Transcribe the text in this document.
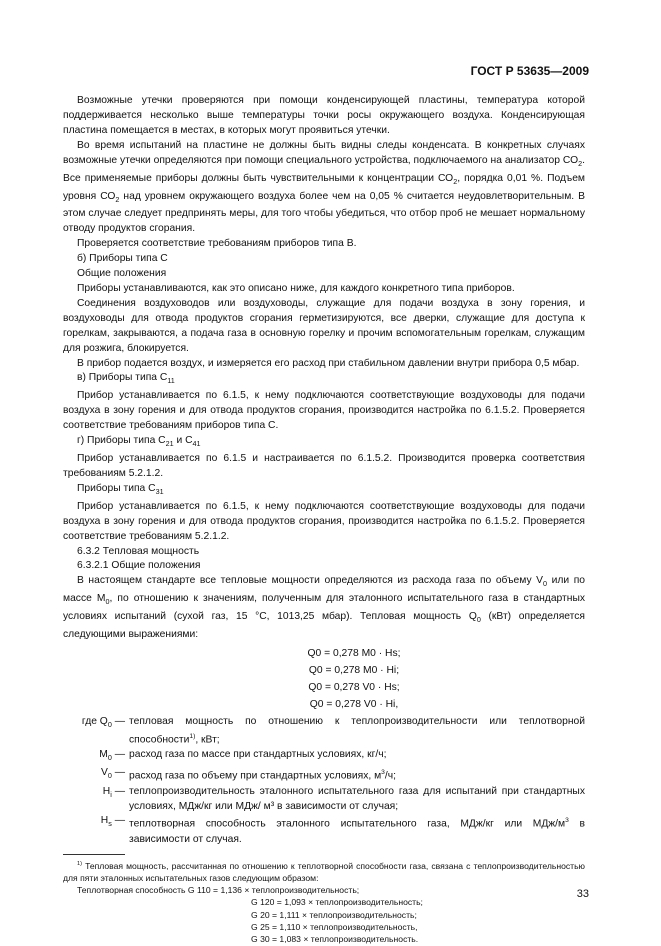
ГОСТ Р 53635—2009

Возможные утечки проверяются при помощи конденсирующей пластины, температура которой поддерживается несколько выше температуры точки росы окружающего воздуха. Конденсирующая пластина помещается в местах, в которых могут проявиться утечки.

Во время испытаний на пластине не должны быть видны следы конденсата. В конкретных случаях возможные утечки определяются при помощи специального устройства, подключаемого на анализатор $СО_2$. Все применяемые приборы должны быть чувствительными к концентрации $СО_2$, порядка 0,01 %. Подъем уровня $СО_2$ над уровнем окружающего воздуха более чем на 0,05 % считается неудовлетворительным. В этом случае следует предпринять меры, для того чтобы убедиться, что отбор проб не мешает нормальному отводу продуктов сгорания.

Проверяется соответствие требованиям приборов типа В.

б) Приборы типа С

Общие положения

Приборы устанавливаются, как это описано ниже, для каждого конкретного типа приборов.

Соединения воздуховодов или воздуховоды, служащие для подачи воздуха в зону горения, и воздуховоды для отвода продуктов сгорания герметизируются, все дверки, служащие для доступа к горелкам, закрываются, а подача газа в основную горелку и прочим вспомогательным горелкам, служащим для розжига, блокируется.

В прибор подается воздух, и измеряется его расход при стабильном давлении внутри прибора 0,5 мбар.

в) Приборы типа $С_{11}$

Прибор устанавливается по 6.1.5, к нему подключаются соответствующие воздуховоды для подачи воздуха в зону горения и для отвода продуктов сгорания, производится настройка по 6.1.5.2. Проверяется соответствие требованиям приборов типа С.

г) Приборы типа $С_{21}$ и $С_{41}$

Прибор устанавливается по 6.1.5 и настраивается по 6.1.5.2. Производится проверка соответствия требованиям 5.2.1.2.

Приборы типа $С_{31}$

Прибор устанавливается по 6.1.5, к нему подключаются соответствующие воздуховоды для подачи воздуха в зону горения и для отвода продуктов сгорания, производится настройка по 6.1.5.2. Проверяется соответствие требованиям 5.2.1.2.

6.3.2 Тепловая мощность

6.3.2.1 Общие положения

В настоящем стандарте все тепловые мощности определяются из расхода газа по объему $V_0$ или по массе $М_0$, по отношению к значениям, полученным для эталонного испытательного газа в стандартных условиях испытаний (сухой газ, 15 °С, 1013,25 мбар). Тепловая мощность $Q_0$ (кВт) определяется следующими выражениями:

Q0 = 0,278 M0 · Hs;
Q0 = 0,278 M0 · Hi;
Q0 = 0,278 V0 · Hs;
Q0 = 0,278 V0 · Hi,
где $Q_0$ — тепловая мощность по отношению к теплопроизводительности или теплотворной способности$^{1)}$, кВт;
$M_0$ — расход газа по массе при стандартных условиях, кг/ч;
$V_0$ — расход газа по объему при стандартных условиях, $м^3/ч$;
$H_i$ — теплопроизводительность эталонного испытательного газа для испытаний при стандартных условиях, МДж/кг или МДж/ м³ в зависимости от случая;
$H_s$ — теплотворная способность эталонного испытательного газа, МДж/кг или МДж/$м^3$ в зависимости от случая.

$^{1)}$ Тепловая мощность, рассчитанная по отношению к теплотворной способности газа, связана с теплопроизводительностью для пяти эталонных испытательных газов следующим образом:

Теплотворная способность G 110 = 1,136 × теплопроизводительность;

G 120 = 1,093 × теплопроизводительность;
G 20 = 1,111 × теплопроизводительность;
G 25 = 1,110 × теплопроизводительность,
G 30 = 1,083 × теплопроизводительность.
33
